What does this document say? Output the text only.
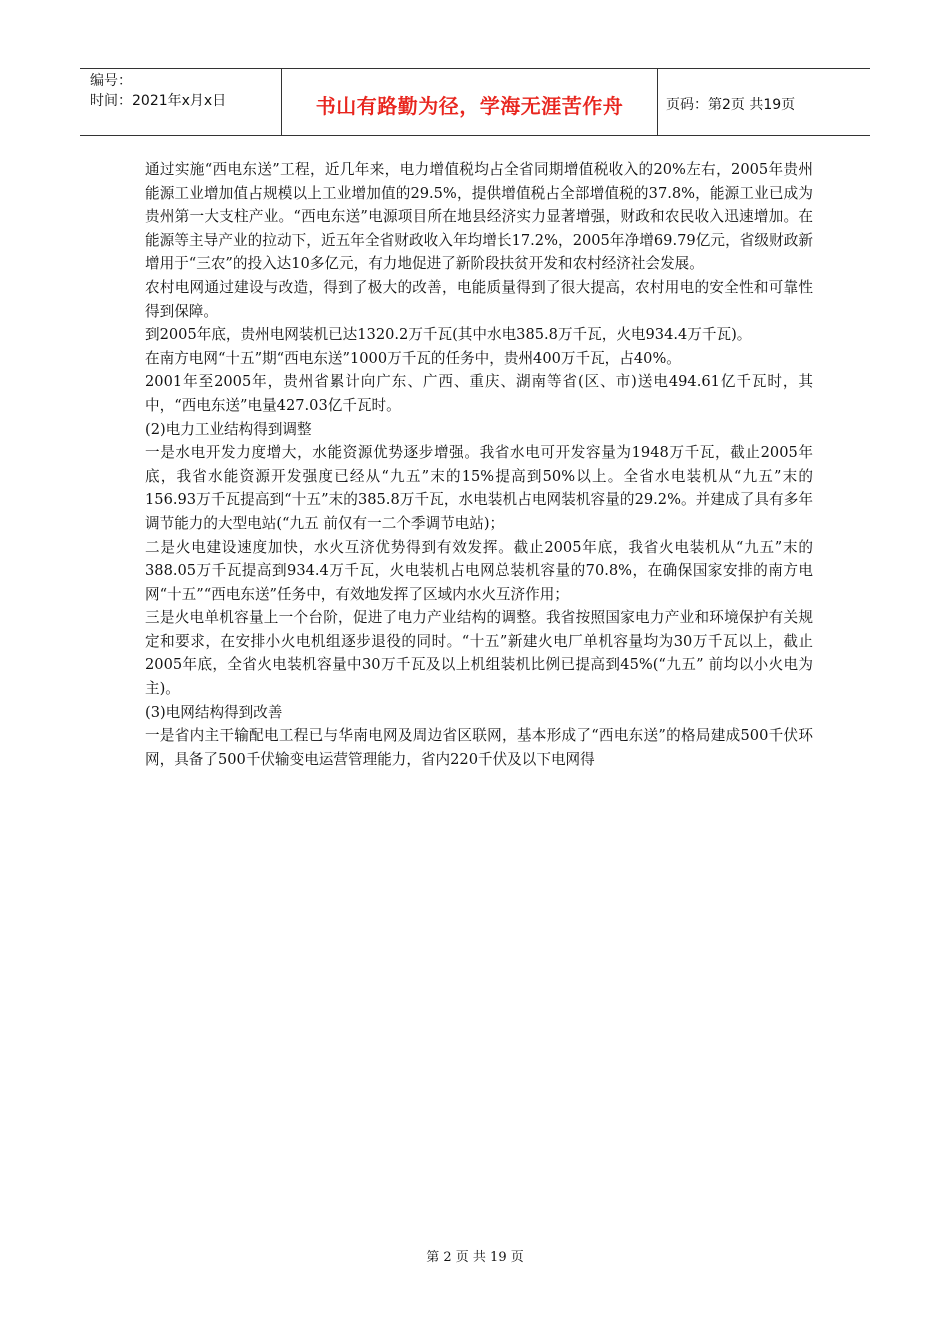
编号：
时间：2021年x月x日	书山有路勤为径，学海无涯苦作舟	页码：第2页 共19页

通过实施“西电东送”工程，近几年来，电力增值税均占全省同期增值税收入的20%左右，2005年贵州能源工业增加值占规模以上工业增加值的29.5%，提供增值税占全部增值税的37.8%，能源工业已成为贵州第一大支柱产业。“西电东送”电源项目所在地县经济实力显著增强，财政和农民收入迅速增加。在能源等主导产业的拉动下，近五年全省财政收入年均增长17.2%，2005年净增69.79亿元，省级财政新增用于“三农”的投入达10多亿元，有力地促进了新阶段扶贫开发和农村经济社会发展。

农村电网通过建设与改造，得到了极大的改善，电能质量得到了很大提高，农村用电的安全性和可靠性得到保障。

到2005年底，贵州电网装机已达1320.2万千瓦(其中水电385.8万千瓦，火电934.4万千瓦)。

在南方电网“十五”期“西电东送”1000万千瓦的任务中，贵州400万千瓦，占40%。

2001年至2005年，贵州省累计向广东、广西、重庆、湖南等省(区、市)送电494.61亿千瓦时，其中，“西电东送”电量427.03亿千瓦时。

(2)电力工业结构得到调整

一是水电开发力度增大，水能资源优势逐步增强。我省水电可开发容量为1948万千瓦，截止2005年底，我省水能资源开发强度已经从“九五”末的15%提高到50%以上。全省水电装机从“九五”末的156.93万千瓦提高到“十五”末的385.8万千瓦，水电装机占电网装机容量的29.2%。并建成了具有多年调节能力的大型电站(“九五 前仅有一二个季调节电站)；

二是火电建设速度加快，水火互济优势得到有效发挥。截止2005年底，我省火电装机从“九五”末的388.05万千瓦提高到934.4万千瓦，火电装机占电网总装机容量的70.8%，在确保国家安排的南方电网“十五”“西电东送”任务中，有效地发挥了区域内水火互济作用；

三是火电单机容量上一个台阶，促进了电力产业结构的调整。我省按照国家电力产业和环境保护有关规定和要求，在安排小火电机组逐步退役的同时。“十五”新建火电厂单机容量均为30万千瓦以上，截止2005年底，全省火电装机容量中30万千瓦及以上机组装机比例已提高到45%(“九五” 前均以小火电为主)。

(3)电网结构得到改善

一是省内主干输配电工程已与华南电网及周边省区联网，基本形成了“西电东送”的格局建成500千伏环网，具备了500千伏输变电运营管理能力，省内220千伏及以下电网得

第 2 页 共 19 页
